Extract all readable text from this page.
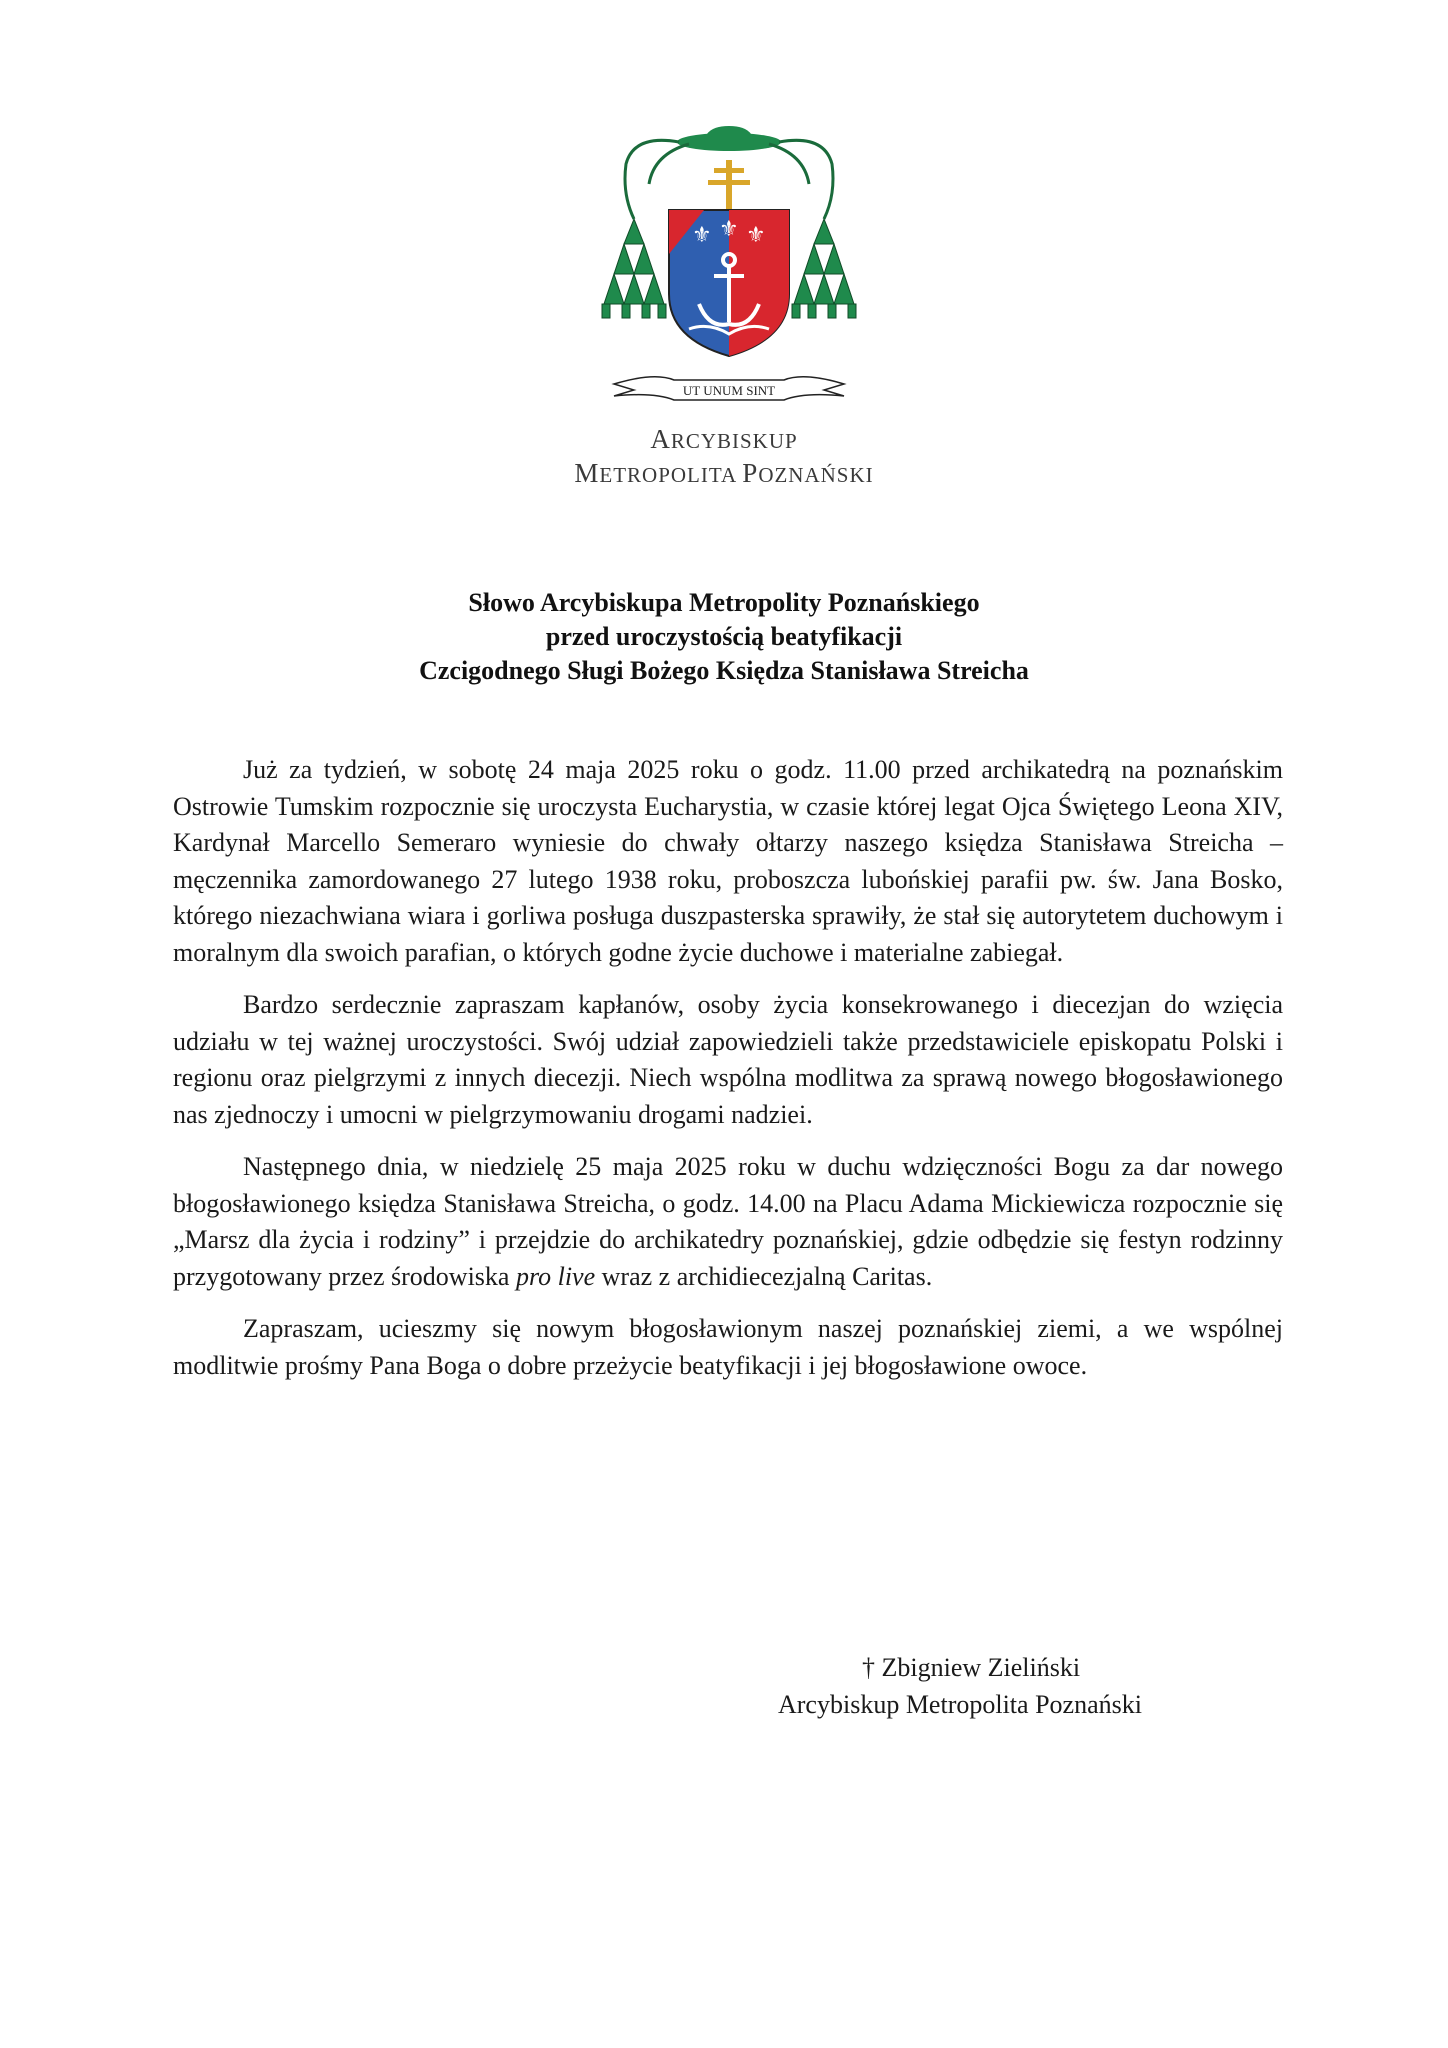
⚜ ⚜ ⚜
UT UNUM SINT
ARCYBISKUP
METROPOLITA POZNAŃSKI
Słowo Arcybiskupa Metropolity Poznańskiego
przed uroczystością beatyfikacji
Czcigodnego Sługi Bożego Księdza Stanisława Streicha

Już za tydzień, w sobotę 24 maja 2025 roku o godz. 11.00 przed archikatedrą na poznańskim Ostrowie Tumskim rozpocznie się uroczysta Eucharystia, w czasie której legat Ojca Świętego Leona XIV, Kardynał Marcello Semeraro wyniesie do chwały ołtarzy naszego księdza Stanisława Streicha – męczennika zamordowanego 27 lutego 1938 roku, proboszcza lubońskiej parafii pw. św. Jana Bosko, którego niezachwiana wiara i gorliwa posługa duszpasterska sprawiły, że stał się autorytetem duchowym i moralnym dla swoich parafian, o których godne życie duchowe i materialne zabiegał.

Bardzo serdecznie zapraszam kapłanów, osoby życia konsekrowanego i diecezjan do wzięcia udziału w tej ważnej uroczystości. Swój udział zapowiedzieli także przedstawiciele episkopatu Polski i regionu oraz pielgrzymi z innych diecezji. Niech wspólna modlitwa za sprawą nowego błogosławionego nas zjednoczy i umocni w pielgrzymowaniu drogami nadziei.

Następnego dnia, w niedzielę 25 maja 2025 roku w duchu wdzięczności Bogu za dar nowego błogosławionego księdza Stanisława Streicha, o godz. 14.00 na Placu Adama Mickiewicza rozpocznie się „Marsz dla życia i rodziny” i przejdzie do archikatedry poznańskiej, gdzie odbędzie się festyn rodzinny przygotowany przez środowiska pro live wraz z archidiecezjalną Caritas.

Zapraszam, ucieszmy się nowym błogosławionym naszej poznańskiej ziemi, a we wspólnej modlitwie prośmy Pana Boga o dobre przeżycie beatyfikacji i jej błogosławione owoce.

† Zbigniew Zieliński
Arcybiskup Metropolita Poznański
